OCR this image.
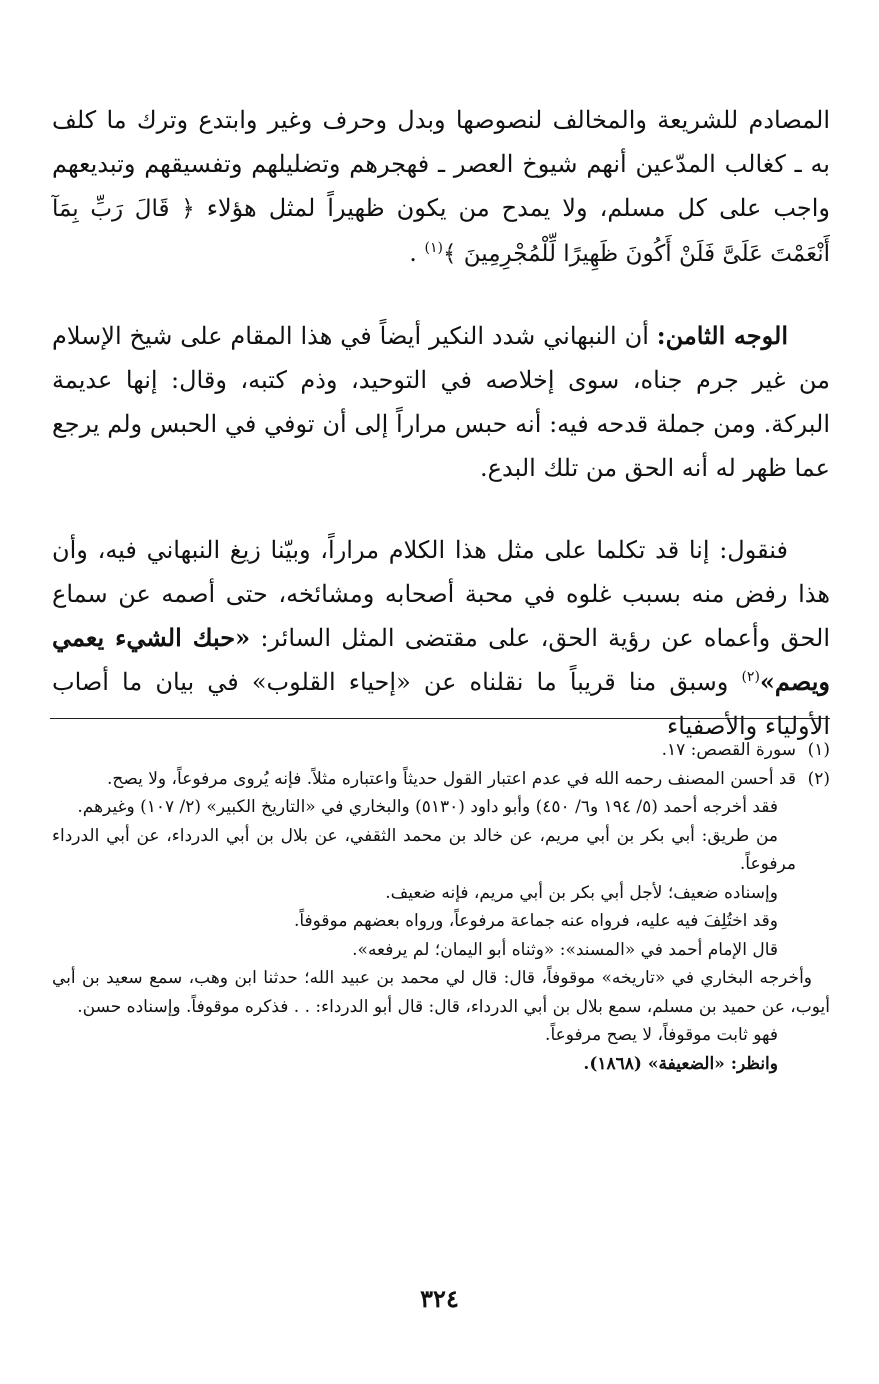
المصادم للشريعة والمخالف لنصوصها وبدل وحرف وغير وابتدع وترك ما كلف به ـ كغالب المدّعين أنهم شيوخ العصر ـ فهجرهم وتضليلهم وتفسيقهم وتبديعهم واجب على كل مسلم، ولا يمدح من يكون ظهيراً لمثل هؤلاء ﴿ قَالَ رَبِّ بِمَآ أَنْعَمْتَ عَلَىَّ فَلَنْ أَكُونَ ظَهِيرًا لِّلْمُجْرِمِينَ ﴾$^{(١)}$ .

الوجه الثامن: أن النبهاني شدد النكير أيضاً في هذا المقام على شيخ الإسلام من غير جرم جناه، سوى إخلاصه في التوحيد، وذم كتبه، وقال: إنها عديمة البركة. ومن جملة قدحه فيه: أنه حبس مراراً إلى أن توفي في الحبس ولم يرجع عما ظهر له أنه الحق من تلك البدع.

فنقول: إنا قد تكلما على مثل هذا الكلام مراراً، وبيّنا زيغ النبهاني فيه، وأن هذا رفض منه بسبب غلوه في محبة أصحابه ومشائخه، حتى أصمه عن سماع الحق وأعماه عن رؤية الحق، على مقتضى المثل السائر: «حبك الشيء يعمي ويصم»$^{(٢)}$ وسبق منا قريباً ما نقلناه عن «إحياء القلوب» في بيان ما أصاب الأولياء والأصفياء

(١)سورة القصص: ١٧.

(٢)قد أحسن المصنف رحمه الله في عدم اعتبار القول حديثاً واعتباره مثلاً. فإنه يُروى مرفوعاً، ولا يصح.

فقد أخرجه أحمد (٥/ ١٩٤ و٦/ ٤٥٠) وأبو داود (٥١٣٠) والبخاري في «التاريخ الكبير» (٢/ ١٠٧) وغيرهم.

من طريق: أبي بكر بن أبي مريم، عن خالد بن محمد الثقفي، عن بلال بن أبي الدرداء، عن أبي الدرداء مرفوعاً.

وإسناده ضعيف؛ لأجل أبي بكر بن أبي مريم، فإنه ضعيف.

وقد اختُلِفَ فيه عليه، فرواه عنه جماعة مرفوعاً، ورواه بعضهم موقوفاً.

قال الإمام أحمد في «المسند»: «وثناه أبو اليمان؛ لم يرفعه».

وأخرجه البخاري في «تاريخه» موقوفاً، قال: قال لي محمد بن عبيد الله؛ حدثنا ابن وهب، سمع سعيد بن أبي أيوب، عن حميد بن مسلم، سمع بلال بن أبي الدرداء، قال: قال أبو الدرداء: . . فذكره موقوفاً. وإسناده حسن.

فهو ثابت موقوفاً، لا يصح مرفوعاً.

وانظر: «الضعيفة» (١٨٦٨).

٣٢٤
